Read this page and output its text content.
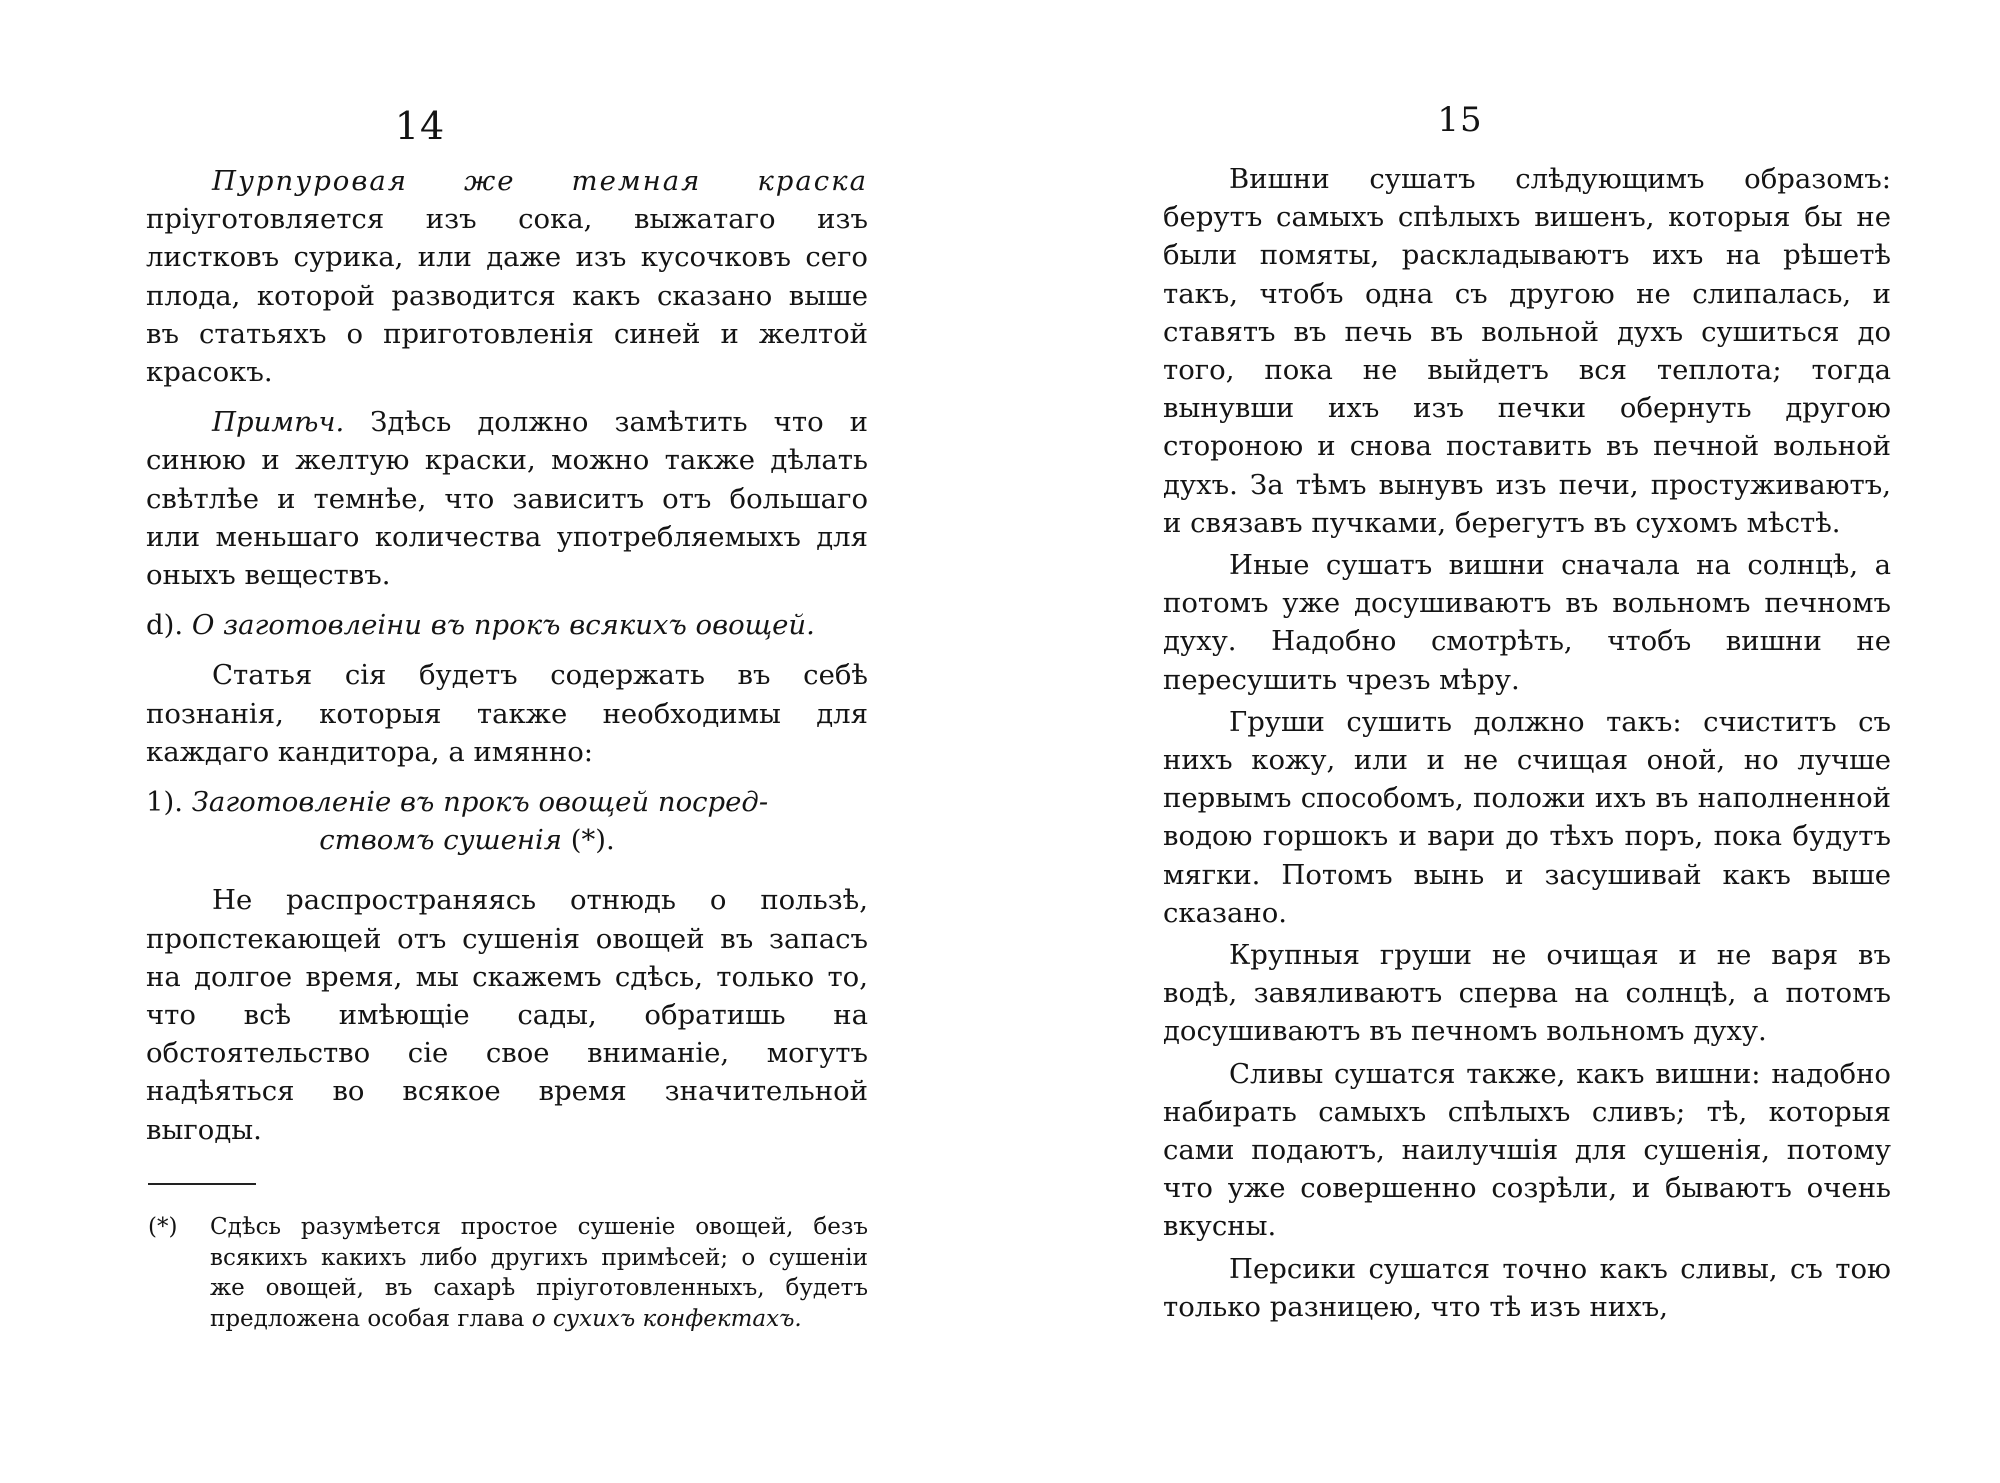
14

Пурпуровая же темная краска пріуготовляется изъ сока, выжатаго изъ листковъ сурика, или даже изъ кусочковъ сего плода, которой разводится какъ сказано выше въ статьяхъ о приготовленія синей и желтой красокъ.

Примѣч. Здѣсь должно замѣтить что и синюю и желтую краски, можно также дѣлать свѣтлѣе и темнѣе, что зависитъ отъ большаго или меньшаго количества употребляемыхъ для оныхъ веществъ.

d). О заготовлеіни въ прокъ всякихъ овощей.

Статья сія будетъ содержать въ себѣ познанія, которыя также необходимы для каждаго кандитора, а имянно:

1). Заготовленіе въ прокъ овощей посред-
ствомъ сушенія (*).

Не распространяясь отнюдь о пользѣ, пропстекающей отъ сушенія овощей въ запасъ на долгое время, мы скажемъ сдѣсь, только то, что всѣ имѣющіе сады, обратишь на обстоятельство сіе свое вниманіе, могутъ надѣяться во всякое время значительной выгоды.

(*) Сдѣсь разумѣется простое сушеніе овощей, безъ всякихъ какихъ либо другихъ примѣсей; о сушеніи же овощей, въ сахарѣ пріуготовленныхъ, будетъ предложена особая глава о сухихъ конфектахъ.
15

Вишни сушатъ слѣдующимъ образомъ: берутъ самыхъ спѣлыхъ вишенъ, которыя бы не были помяты, раскладываютъ ихъ на рѣшетѣ такъ, чтобъ одна съ другою не слипалась, и ставятъ въ печь въ вольной духъ сушиться до того, пока не выйдетъ вся теплота; тогда вынувши ихъ изъ печки обернуть другою стороною и снова поставить въ печной вольной духъ. За тѣмъ вынувъ изъ печи, простуживаютъ, и связавъ пучками, берегутъ въ сухомъ мѣстѣ.

Иные сушатъ вишни сначала на солнцѣ, а потомъ уже досушиваютъ въ вольномъ печномъ духу. Надобно смотрѣть, чтобъ вишни не пересушить чрезъ мѣру.

Груши сушить должно такъ: счиститъ съ нихъ кожу, или и не счищая оной, но лучше первымъ способомъ, положи ихъ въ наполненной водою горшокъ и вари до тѣхъ поръ, пока будутъ мягки. Потомъ вынь и засушивай какъ выше сказано.

Крупныя груши не очищая и не варя въ водѣ, завяливаютъ сперва на солнцѣ, а потомъ досушиваютъ въ печномъ вольномъ духу.

Сливы сушатся также, какъ вишни: надобно набирать самыхъ спѣлыхъ сливъ; тѣ, которыя сами подаютъ, наилучшія для сушенія, потому что уже совершенно созрѣли, и бываютъ очень вкусны.

Персики сушатся точно какъ сливы, съ тою только разницею, что тѣ изъ нихъ,
